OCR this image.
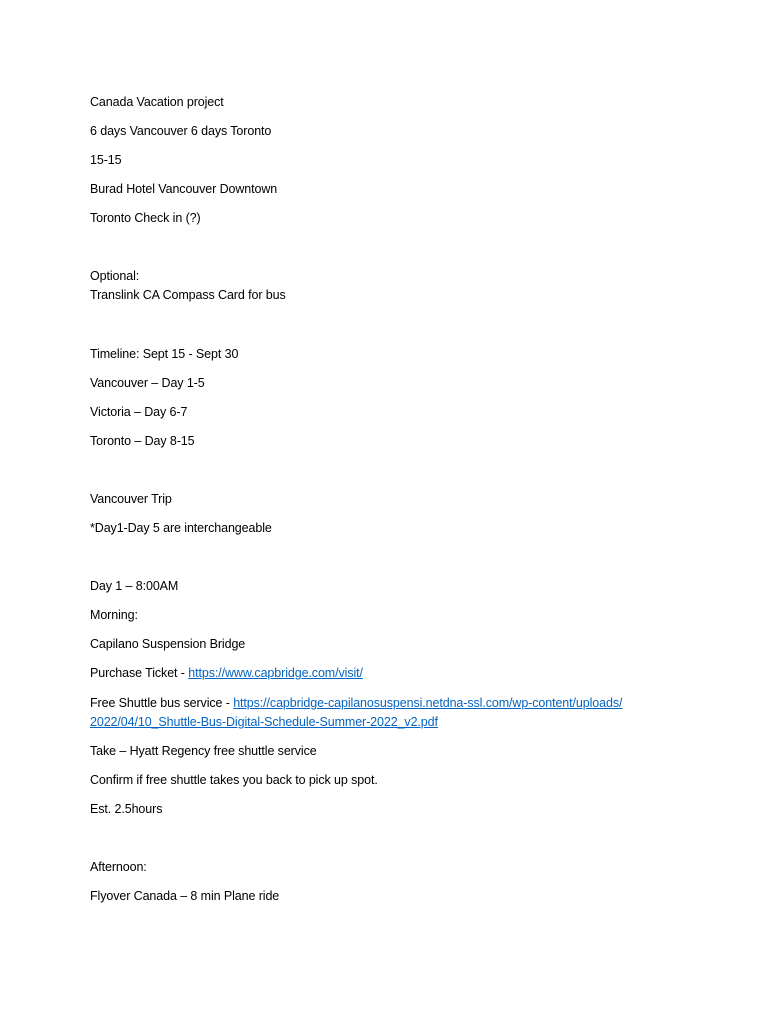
Canada Vacation project
6 days Vancouver 6 days Toronto
15-15
Burad Hotel Vancouver Downtown
Toronto Check in (?)
Optional:
Translink CA Compass Card for bus
Timeline: Sept 15 - Sept 30
Vancouver – Day 1-5
Victoria – Day 6-7
Toronto – Day 8-15
Vancouver Trip
*Day1-Day 5 are interchangeable
Day 1 – 8:00AM
Morning:
Capilano Suspension Bridge
Purchase Ticket - https://www.capbridge.com/visit/
Free Shuttle bus service - https://capbridge-capilanosuspensi.netdna-ssl.com/wp-content/uploads/
2022/04/10_Shuttle-Bus-Digital-Schedule-Summer-2022_v2.pdf
Take – Hyatt Regency free shuttle service
Confirm if free shuttle takes you back to pick up spot.
Est. 2.5hours
Afternoon:
Flyover Canada – 8 min Plane ride
